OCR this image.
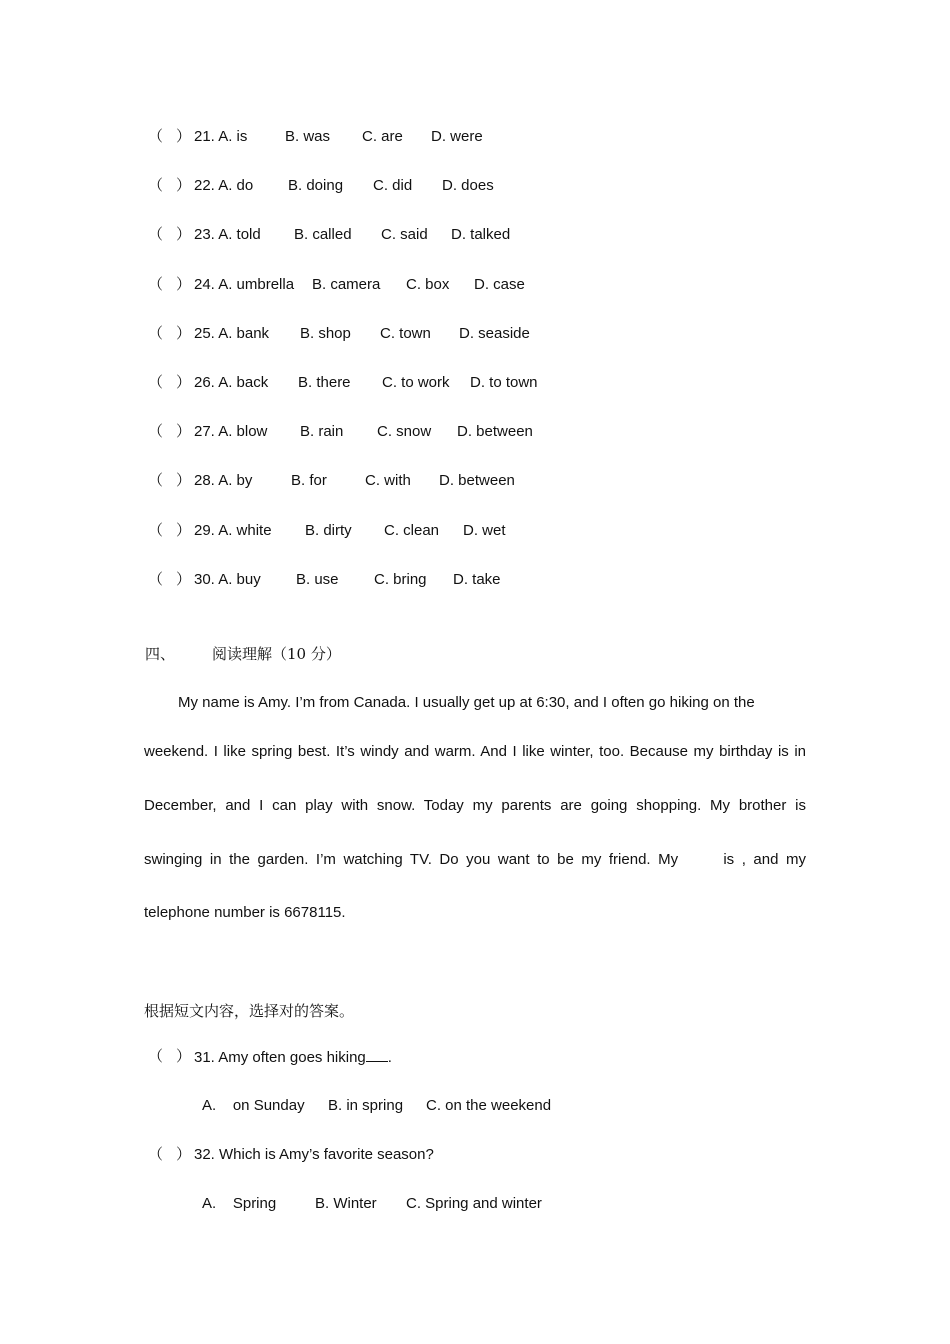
（ ） 21. A. is	B. was C. are D. were
（ ） 22. A. do B. doing C. did D. does
（ ） 23. A. told B. called C. said D. talked
（ ） 24. A. umbrella B. camera C. box D. case
（ ） 25. A. bank B. shop C. town D. seaside
（ ） 26. A. back B. there C. to work D. to town
（ ） 27. A. blow B. rain C. snow D. between
（ ） 28. A. by	B. for	C. with D. between
（ ） 29. A. white B. dirty C. clean D. wet
（ ） 30. A. buy B. use C. bring D. take
四、 阅读理解（10 分）
My name is Amy. I’m from Canada. I usually get up at 6:30, and I often go hiking on the
weekend. I like spring best. It’s windy and warm. And I like winter, too. Because my birthday is in
December, and I can play with snow. Today my parents are going shopping. My brother is
swinging in the garden. I’m watching TV. Do you want to be my friend. My      is , and my
telephone number is 6678115.
根据短文内容，选择对的答案。
（ ） 31. Amy often goes hiking .
A.    on Sunday B. in spring C. on the weekend
（ ） 32. Which is Amy’s favorite season?
A.    Spring	B. Winter C. Spring and winter
